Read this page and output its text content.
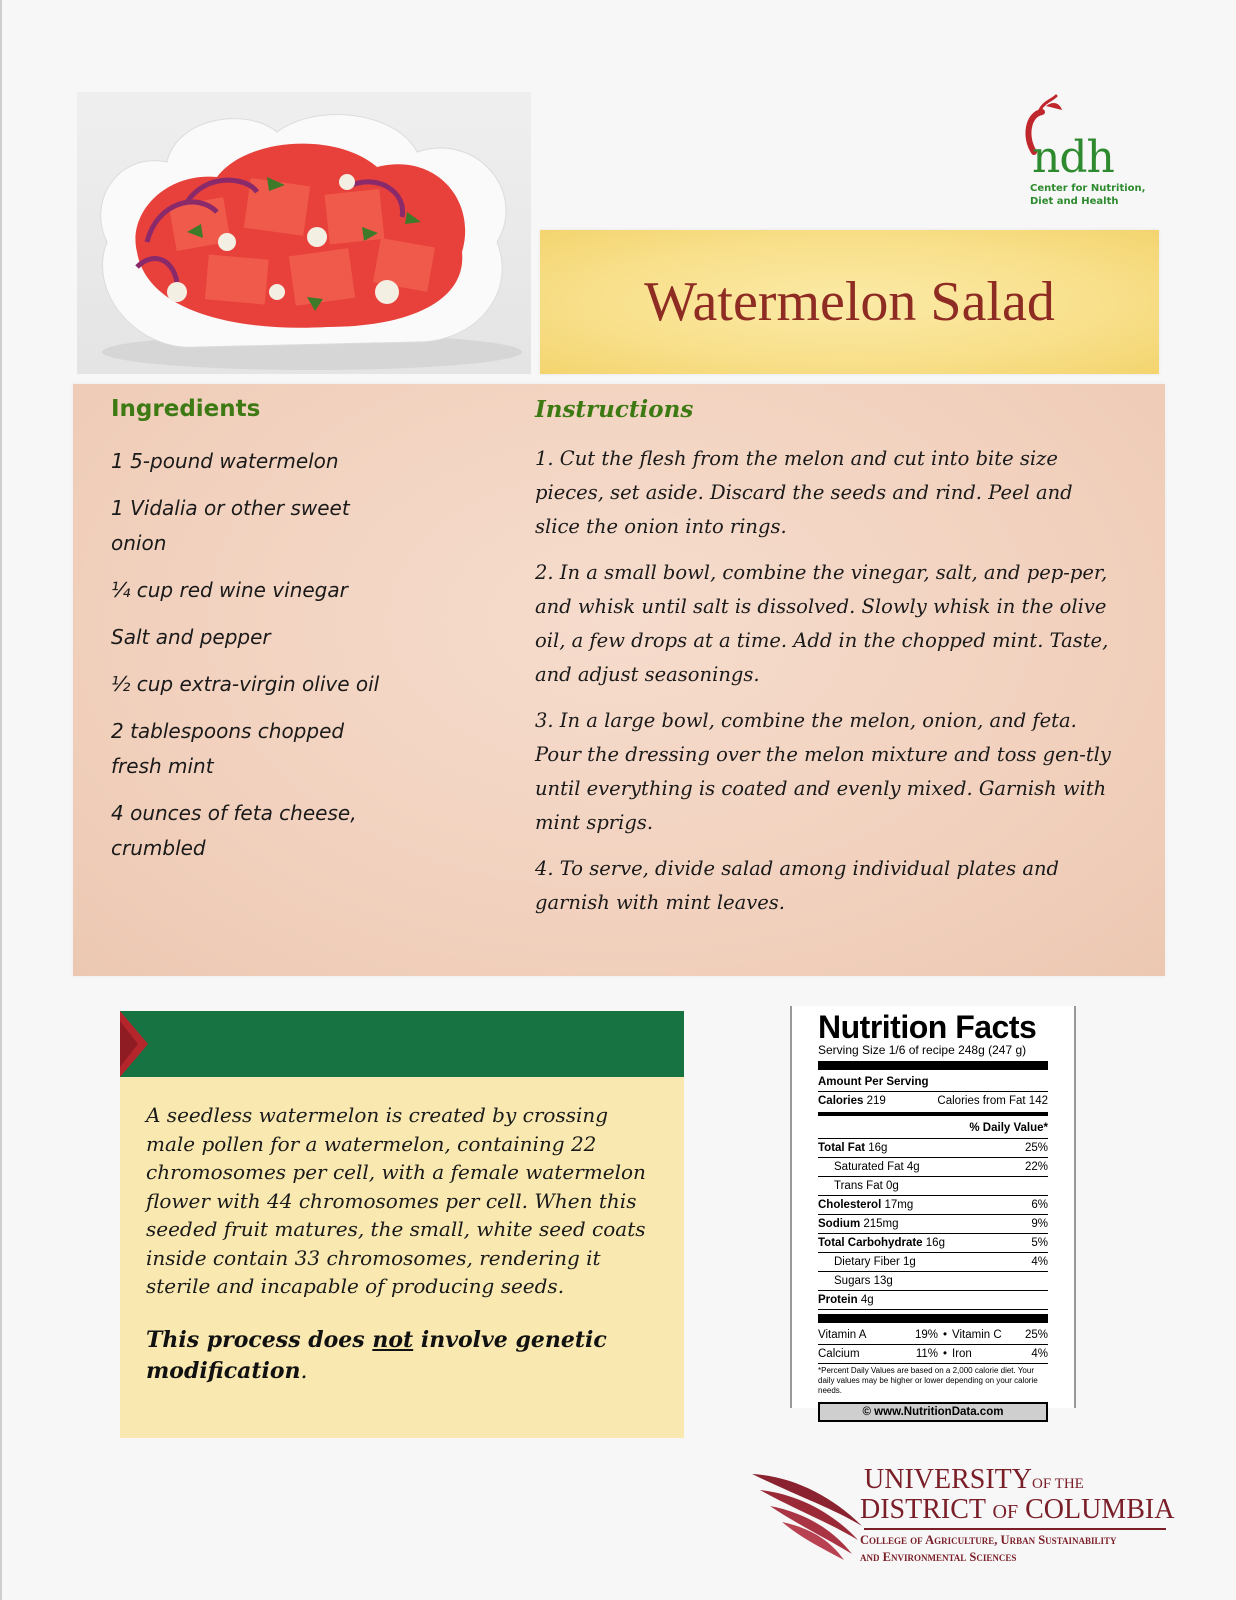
ndh
Center for Nutrition,
Diet and Health
Watermelon Salad
Ingredients
1 5-pound watermelon
1 Vidalia or other sweet onion
¼ cup red wine vinegar
Salt and pepper
½ cup extra-virgin olive oil
2 tablespoons chopped fresh mint
4 ounces of feta cheese, crumbled
Instructions
1. Cut the flesh from the melon and cut into bite size pieces, set aside. Discard the seeds and rind. Peel and slice the onion into rings.
2. In a small bowl, combine the vinegar, salt, and pep-per, and whisk until salt is dissolved. Slowly whisk in the olive oil, a few drops at a time. Add in the chopped mint. Taste, and adjust seasonings.
3. In a large bowl, combine the melon, onion, and feta. Pour the dressing over the melon mixture and toss gen-tly until everything is coated and evenly mixed. Garnish with mint sprigs.
4. To serve, divide salad among individual plates and garnish with mint leaves.

A seedless watermelon is created by crossing male pollen for a watermelon, containing 22 chromosomes per cell, with a female watermelon flower with 44 chromosomes per cell. When this seeded fruit matures, the small, white seed coats inside contain 33 chromosomes, rendering it sterile and incapable of producing seeds.

This process does not involve genetic modification.

Nutrition Facts
Serving Size 1/6 of recipe 248g (247 g)
Amount Per Serving
Calories 219	Calories from Fat 142
% Daily Value*
Total Fat 16g	25%
Saturated Fat 4g	22%
Trans Fat 0g
Cholesterol 17mg	6%
Sodium 215mg	9%
Total Carbohydrate 16g	5%
Dietary Fiber 1g	4%
Sugars 13g
Protein 4g
Vitamin A	19% • Vitamin C	25%
Calcium	11% • Iron	4%
*Percent Daily Values are based on a 2,000 calorie diet. Your daily values may be higher or lower depending on your calorie needs.
© www.NutritionData.com
UNIVERSITYOF THE
DISTRICT OF COLUMBIA
College of Agriculture, Urban Sustainability
and Environmental Sciences
